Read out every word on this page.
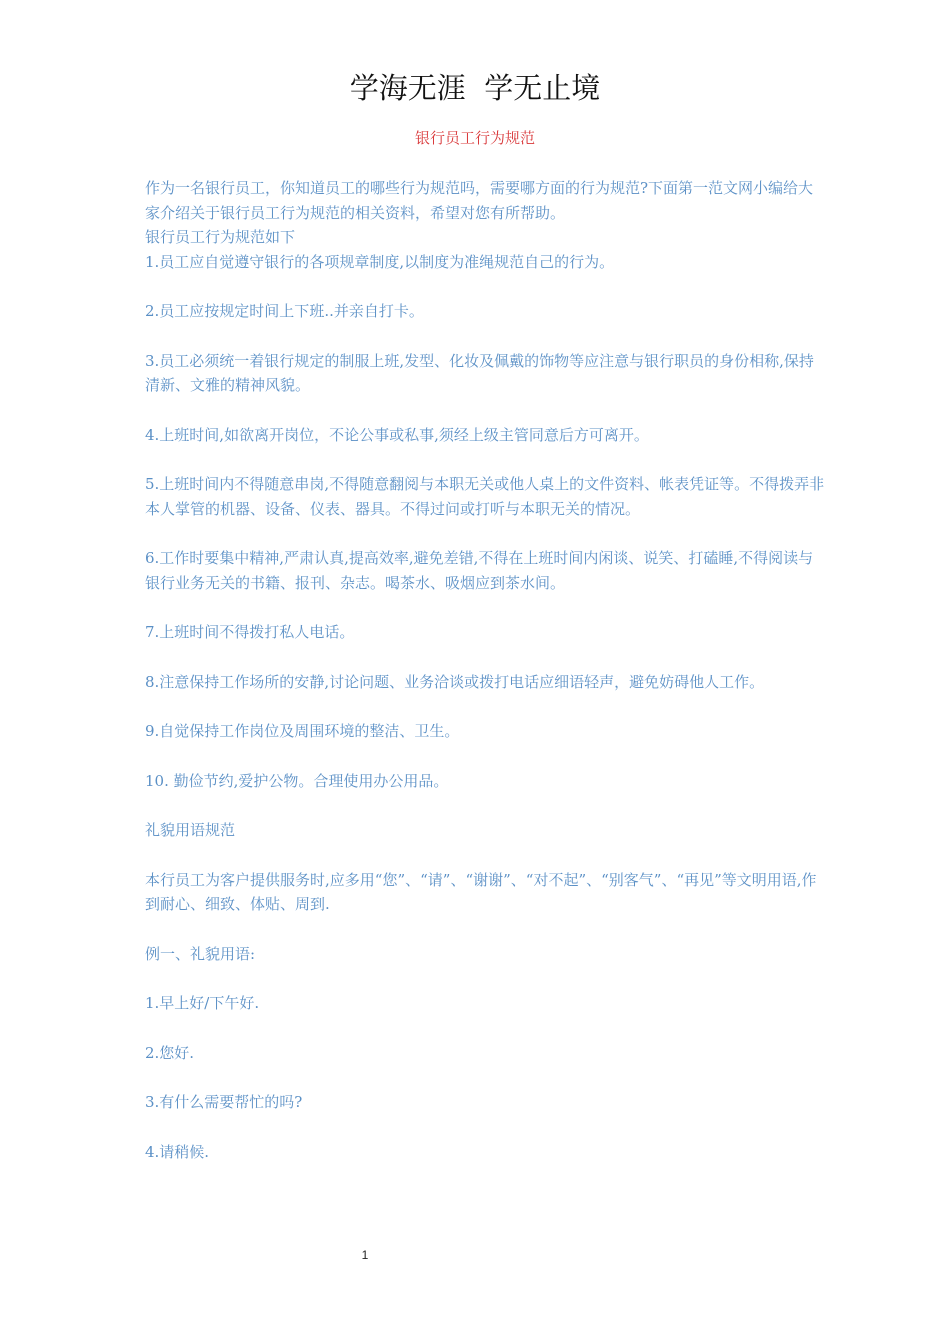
学海无涯  学无止境
银行员工行为规范

作为一名银行员工，你知道员工的哪些行为规范吗，需要哪方面的行为规范?下面第一范文网小编给大家介绍关于银行员工行为规范的相关资料，希望对您有所帮助。

银行员工行为规范如下

1.员工应自觉遵守银行的各项规章制度,以制度为准绳规范自己的行为。

2.员工应按规定时间上下班..并亲自打卡。

3.员工必须统一着银行规定的制服上班,发型、化妆及佩戴的饰物等应注意与银行职员的身份相称,保持清新、文雅的精神风貌。

4.上班时间,如欲离开岗位，不论公事或私事,须经上级主管同意后方可离开。

5.上班时间内不得随意串岗,不得随意翻阅与本职无关或他人桌上的文件资料、帐表凭证等。不得拨弄非本人掌管的机器、设备、仪表、器具。不得过问或打听与本职无关的情况。

6.工作时要集中精神,严肃认真,提高效率,避免差错,不得在上班时间内闲谈、说笑、打磕睡,不得阅读与银行业务无关的书籍、报刊、杂志。喝茶水、吸烟应到茶水间。

7.上班时间不得拨打私人电话。

8.注意保持工作场所的安静,讨论问题、业务洽谈或拨打电话应细语轻声，避免妨碍他人工作。

9.自觉保持工作岗位及周围环境的整洁、卫生。

10. 勤俭节约,爱护公物。合理使用办公用品。

礼貌用语规范

本行员工为客户提供服务时,应多用“您”、“请”、“谢谢”、“对不起”、“别客气”、“再见”等文明用语,作到耐心、细致、体贴、周到.

例一、礼貌用语:

1.早上好/下午好.

2.您好.

3.有什么需要帮忙的吗?

4.请稍候.

1
